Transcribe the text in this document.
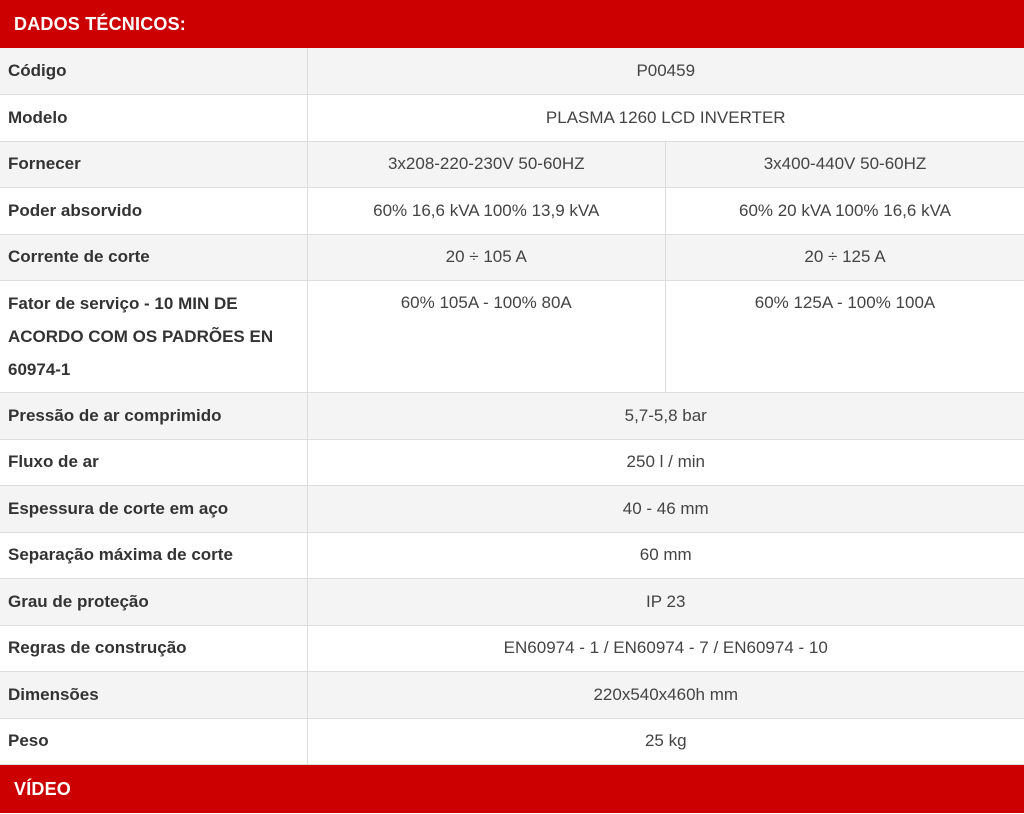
DADOS TÉCNICOS:
Código	P00459	
Modelo	PLASMA 1260 LCD INVERTER	
Fornecer	3x208-220-230V 50-60HZ	3x400-440V 50-60HZ
Poder absorvido	60% 16,6 kVA 100% 13,9 kVA	60% 20 kVA 100% 16,6 kVA
Corrente de corte	20 ÷ 105 A	20 ÷ 125 A
Fator de serviço - 10 MIN DE ACORDO COM OS PADRÕES EN 60974-1	60% 105A - 100% 80A	60% 125A - 100% 100A
Pressão de ar comprimido	5,7-5,8 bar	
Fluxo de ar	250 l / min	
Espessura de corte em aço	40 - 46 mm	
Separação máxima de corte	60 mm	
Grau de proteção	IP 23	
Regras de construção	EN60974 - 1 / EN60974 - 7 / EN60974 - 10	
Dimensões	220x540x460h mm	
Peso	25 kg	
VÍDEO
